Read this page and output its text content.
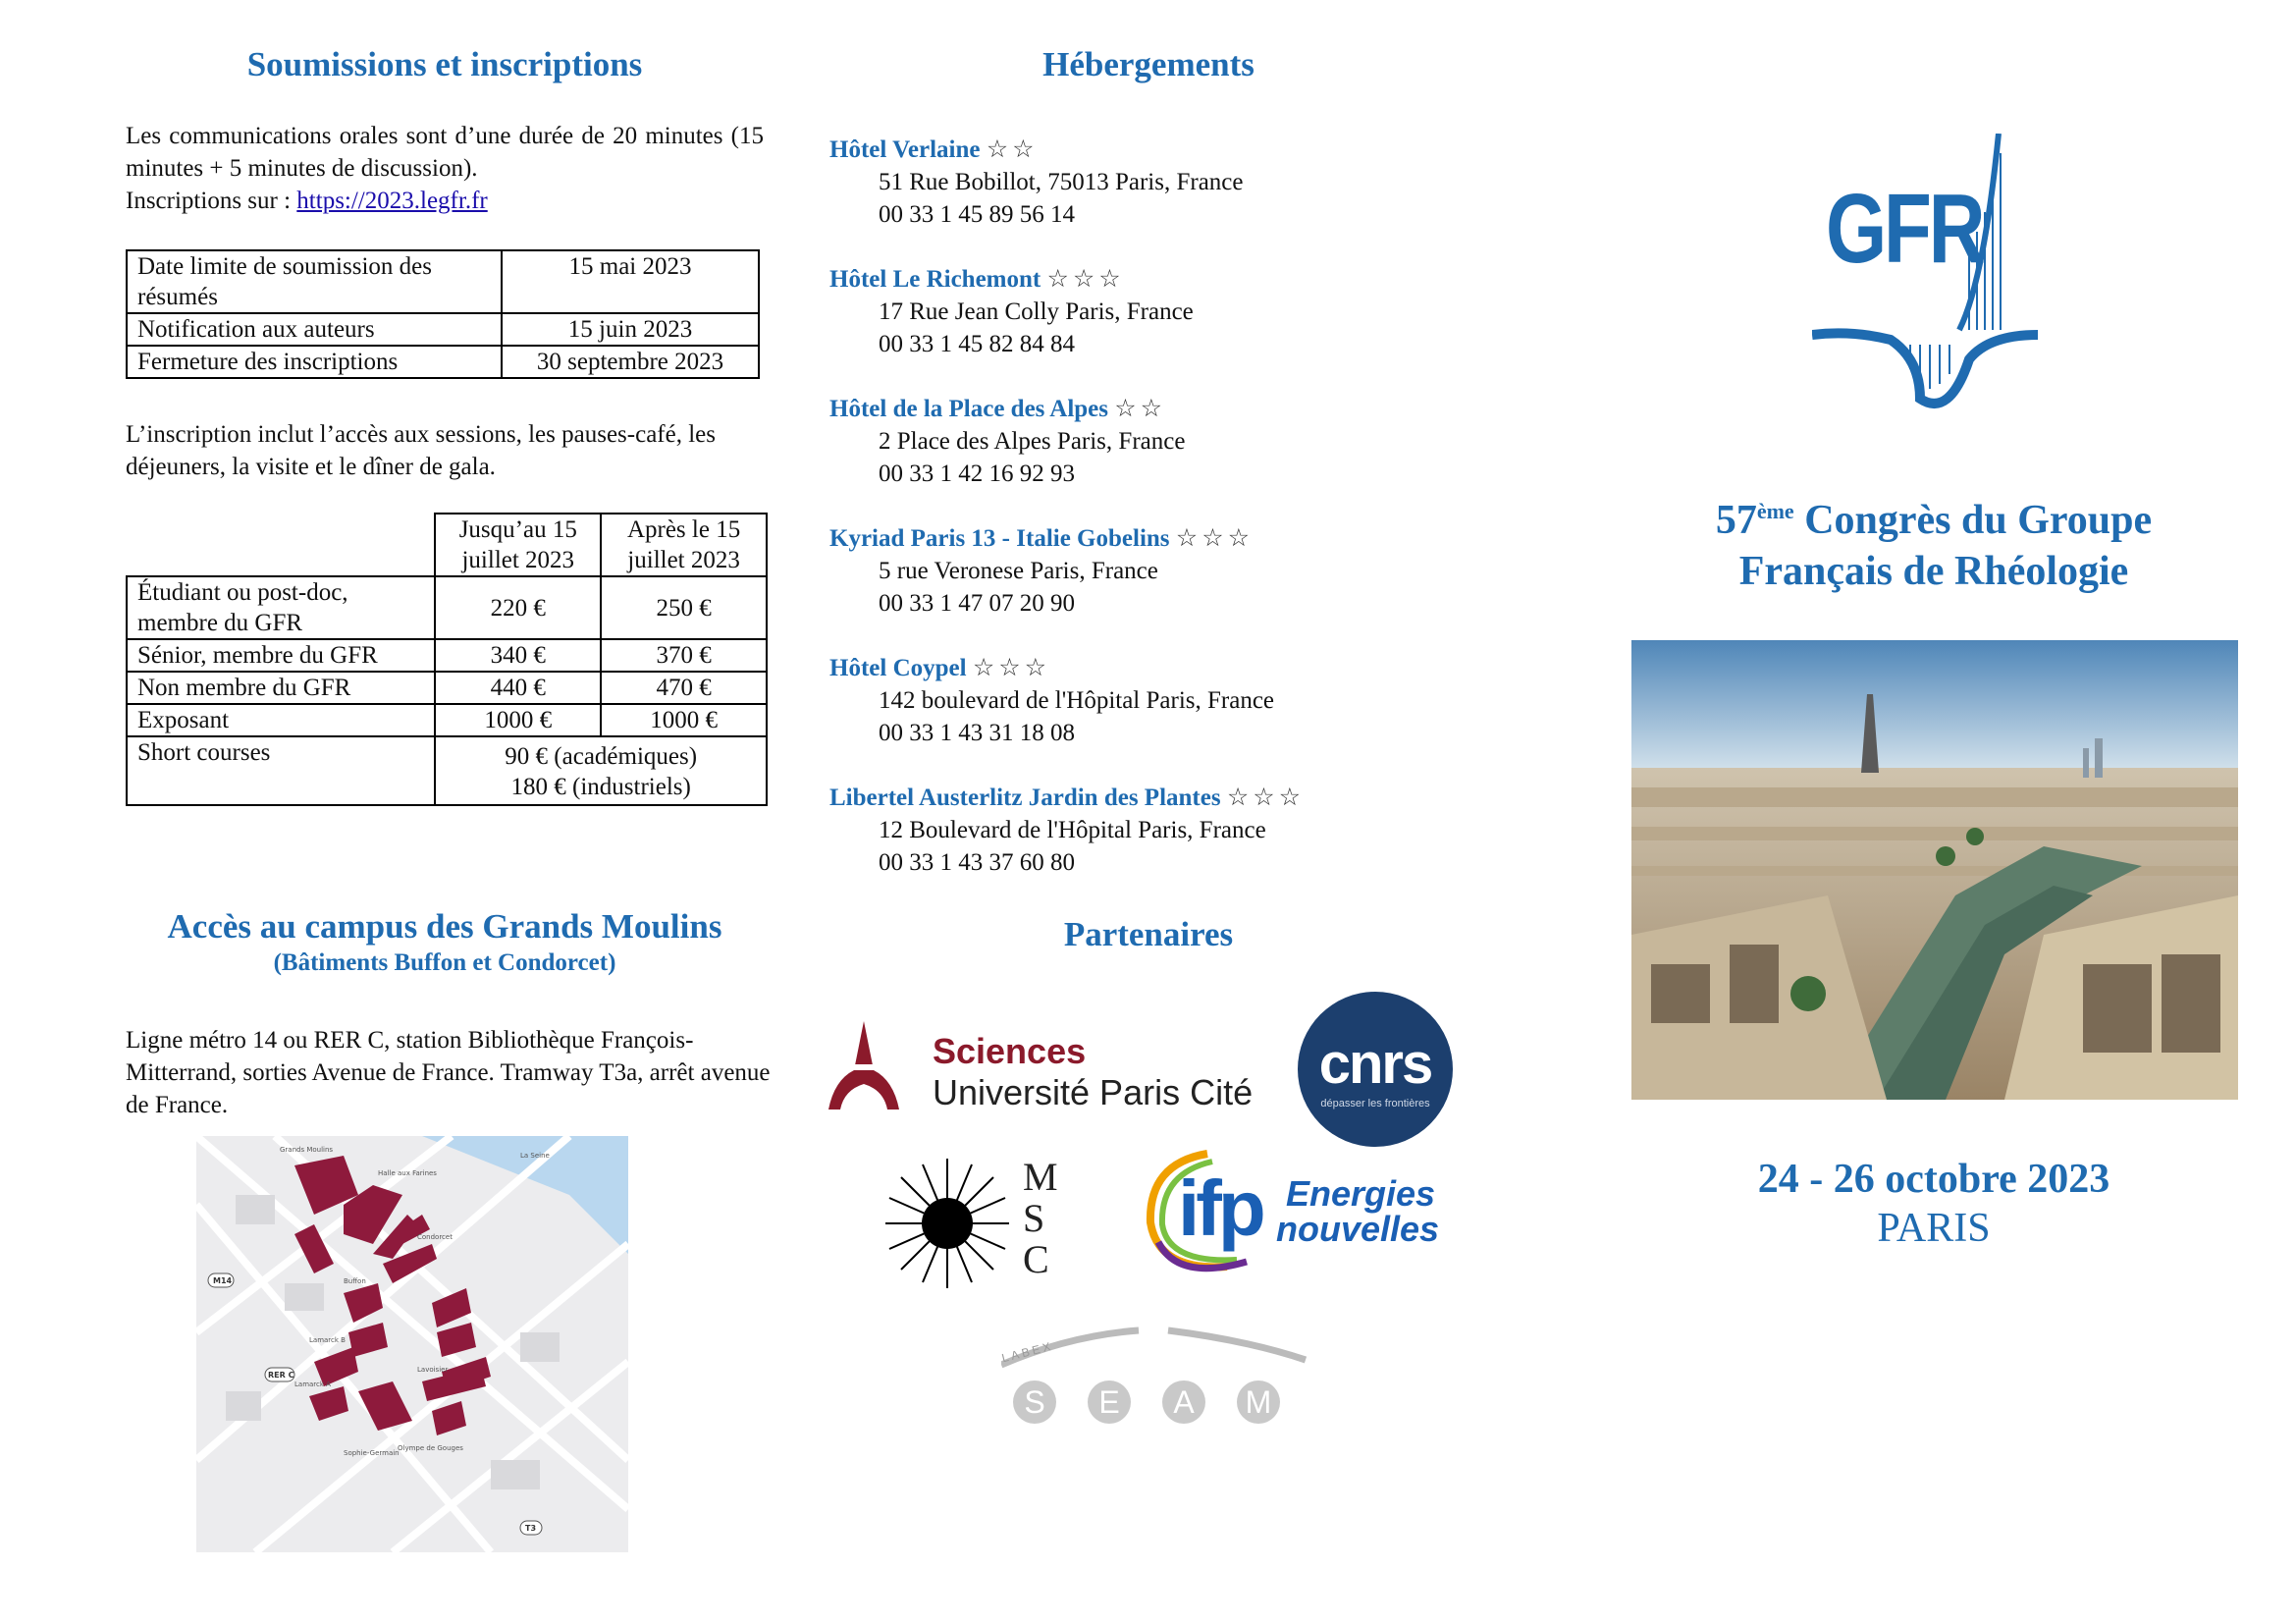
Soumissions et inscriptions

Les communications orales sont d’une durée de 20 minutes (15 minutes + 5 minutes de discussion).
Inscriptions sur : https://2023.legfr.fr

Date limite de soumission des résumés	15 mai 2023
Notification aux auteurs	15 juin 2023
Fermeture des inscriptions	30 septembre 2023

L’inscription inclut l’accès aux sessions, les pauses-café, les déjeuners, la visite et le dîner de gala.

	Jusqu’au 15 juillet 2023	Après le 15 juillet 2023
Étudiant ou post-doc, membre du GFR	220 €	250 €
Sénior, membre du GFR	340 €	370 €
Non membre du GFR	440 €	470 €
Exposant	1000 €	1000 €
Short courses	90 € (académiques)
180 € (industriels)	
Accès au campus des Grands Moulins
(Bâtiments Buffon et Condorcet)

Ligne métro 14 ou RER C, station Bibliothèque François-Mitterrand, sorties Avenue de France. Tramway T3a, arrêt avenue de France.

Grands Moulins
Halle aux Farines
Condorcet
Buffon
Lamarck B
Lamarck A
Sophie-Germain
Olympe de Gouges
Lavoisier
La Seine
M14
RER C
T3
Hébergements
Hôtel Verlaine ☆☆
51 Rue Bobillot, 75013 Paris, France
00 33 1 45 89 56 14
Hôtel Le Richemont ☆☆☆
17 Rue Jean Colly Paris, France
00 33 1 45 82 84 84
Hôtel de la Place des Alpes ☆☆
2 Place des Alpes Paris, France
00 33 1 42 16 92 93
Kyriad Paris 13 - Italie Gobelins ☆☆☆
5 rue Veronese Paris, France
00 33 1 47 07 20 90
Hôtel Coypel ☆☆☆
142 boulevard de l'Hôpital Paris, France
00 33 1 43 31 18 08
Libertel Austerlitz Jardin des Plantes ☆☆☆
12 Boulevard de l'Hôpital Paris, France
00 33 1 43 37 60 80
Partenaires
Sciences
Université Paris Cité	cnrs
dépasser les frontières
M
S
C
ifp Energies
nouvelles
LABEX
S E A M
GFR
57ème Congrès du Groupe
Français de Rhéologie
24 - 26 octobre 2023
PARIS
